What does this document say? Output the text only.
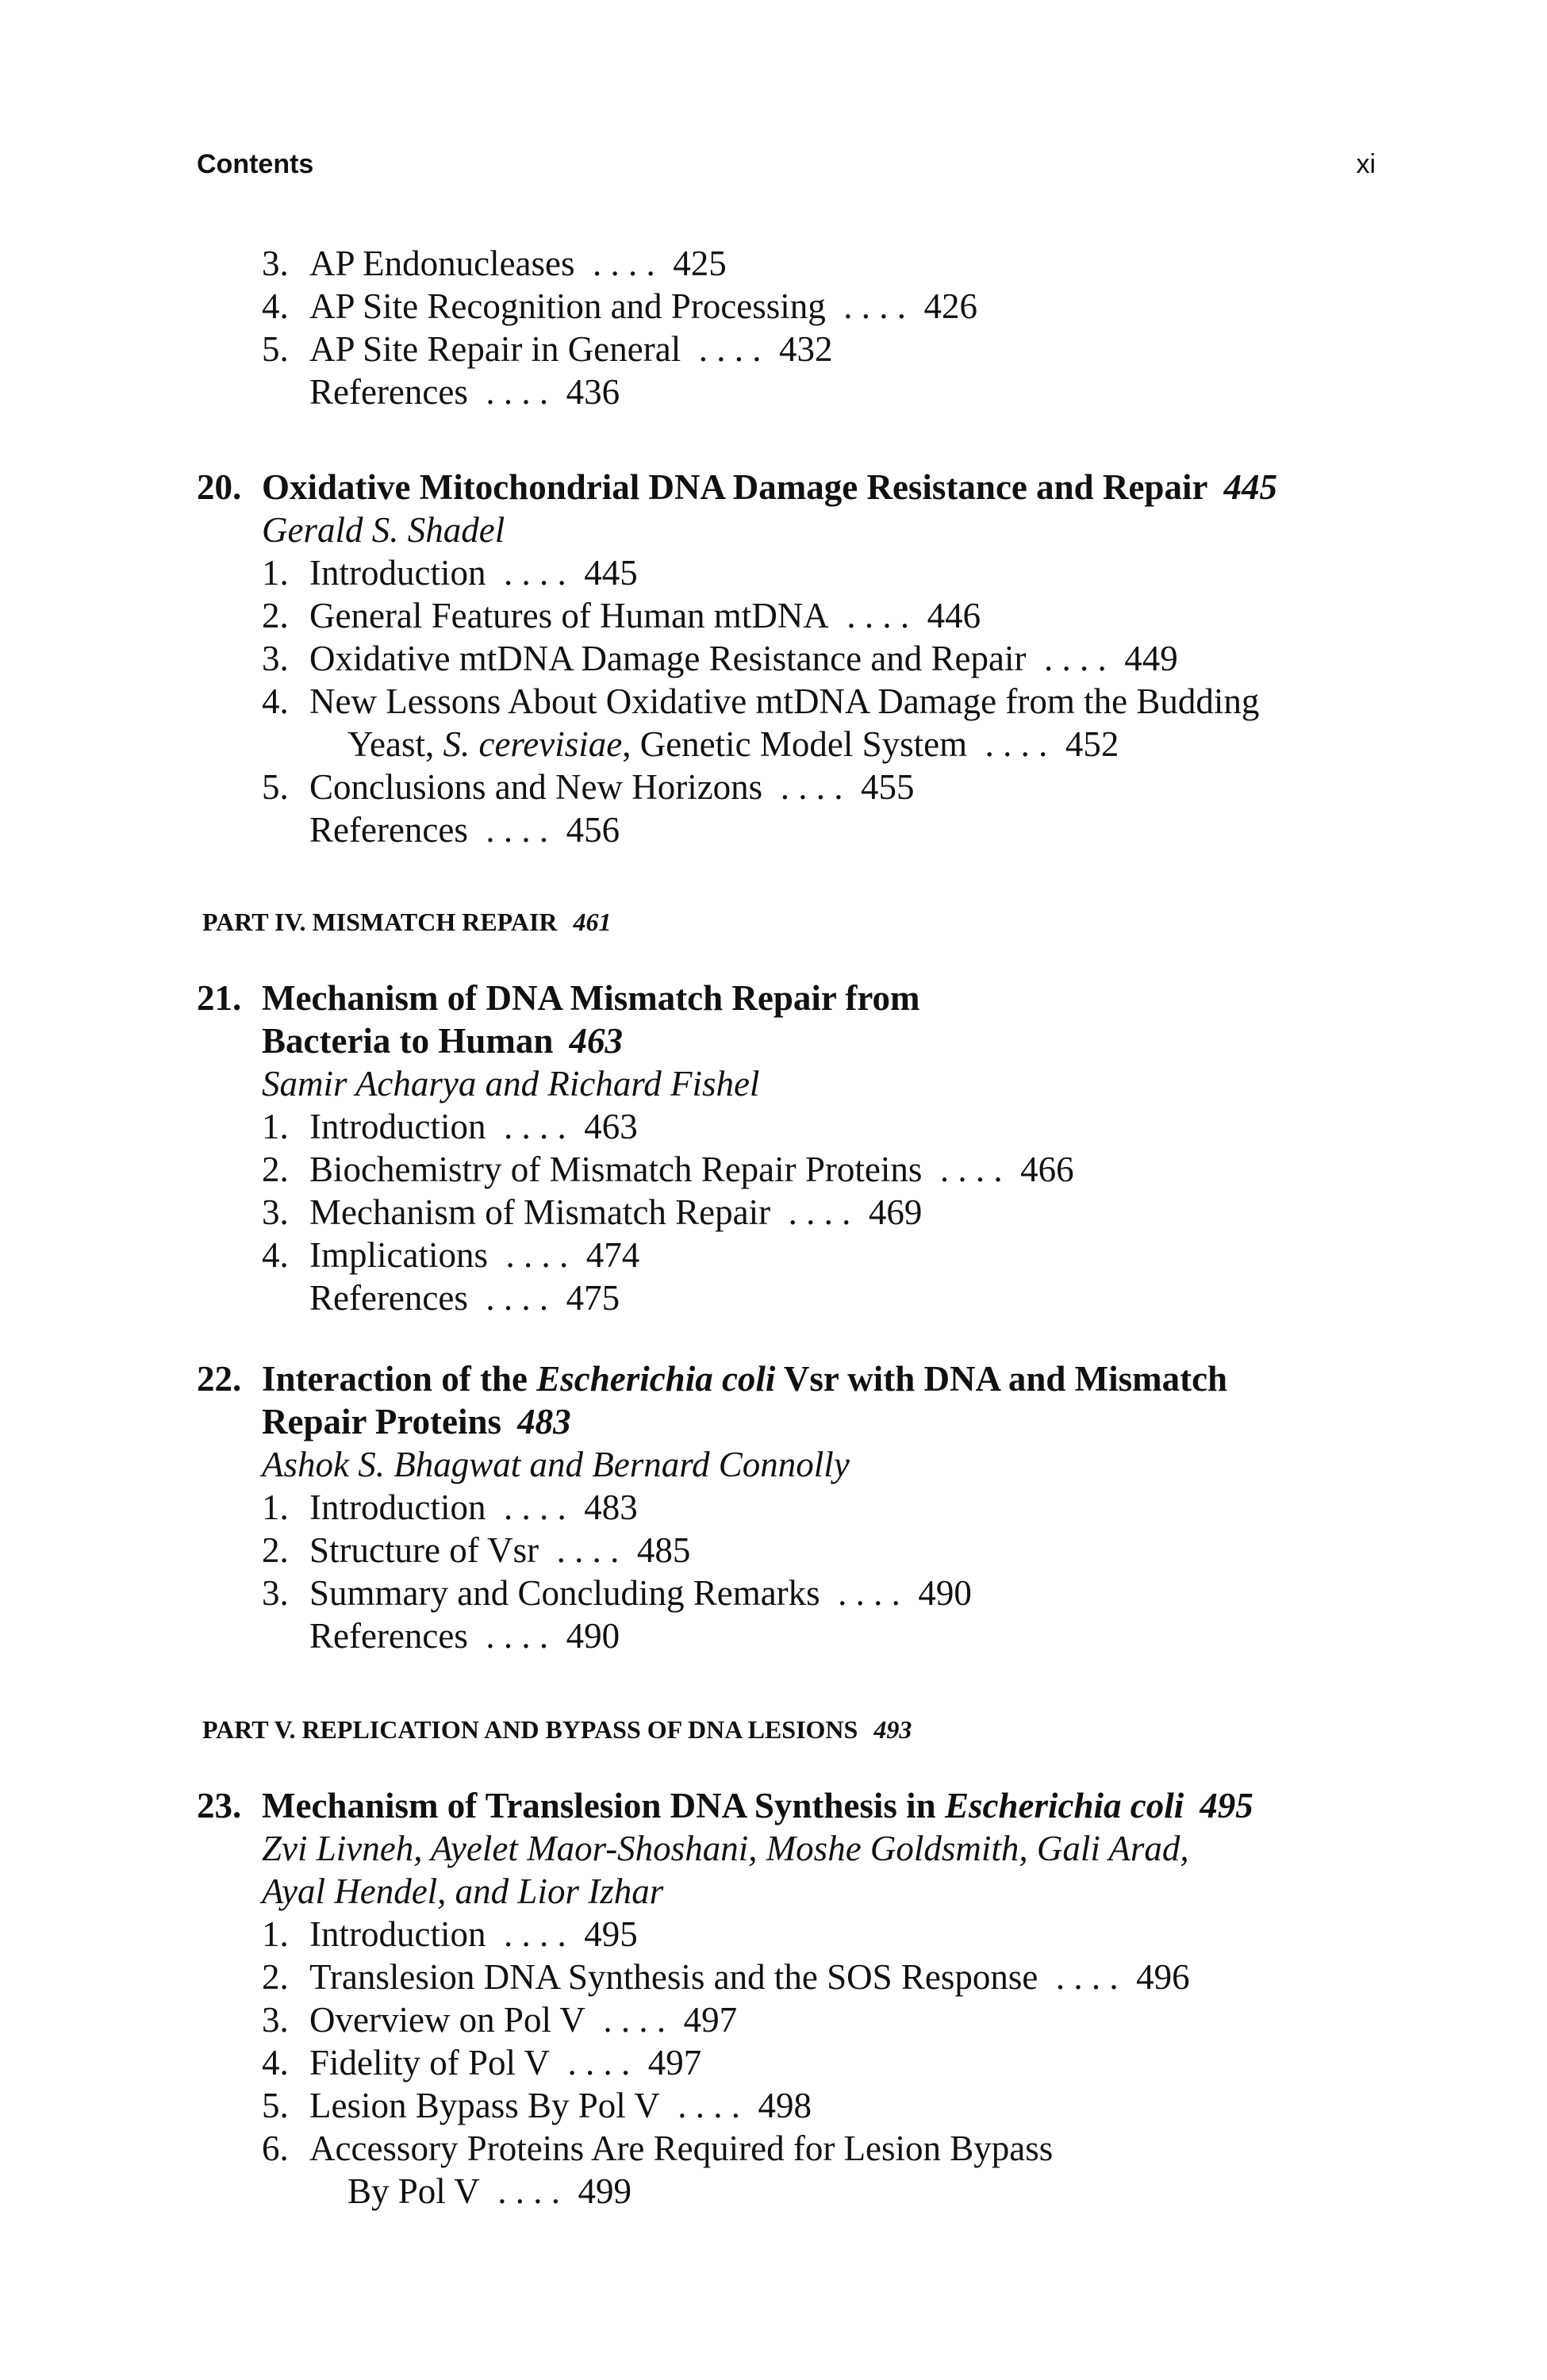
Contents	xi
3. AP Endonucleases . . . . 425
4. AP Site Recognition and Processing . . . . 426
5. AP Site Repair in General . . . . 432
References . . . . 436
20. Oxidative Mitochondrial DNA Damage Resistance and Repair 445
Gerald S. Shadel
1. Introduction . . . . 445
2. General Features of Human mtDNA . . . . 446
3. Oxidative mtDNA Damage Resistance and Repair . . . . 449
4. New Lessons About Oxidative mtDNA Damage from the Budding
Yeast, S. cerevisiae, Genetic Model System . . . . 452
5. Conclusions and New Horizons . . . . 455
References . . . . 456
PART IV. MISMATCH REPAIR 461
21. Mechanism of DNA Mismatch Repair from
Bacteria to Human 463
Samir Acharya and Richard Fishel
1. Introduction . . . . 463
2. Biochemistry of Mismatch Repair Proteins . . . . 466
3. Mechanism of Mismatch Repair . . . . 469
4. Implications . . . . 474
References . . . . 475
22. Interaction of the Escherichia coli Vsr with DNA and Mismatch
Repair Proteins 483
Ashok S. Bhagwat and Bernard Connolly
1. Introduction . . . . 483
2. Structure of Vsr . . . . 485
3. Summary and Concluding Remarks . . . . 490
References . . . . 490
PART V. REPLICATION AND BYPASS OF DNA LESIONS 493
23. Mechanism of Translesion DNA Synthesis in Escherichia coli 495
Zvi Livneh, Ayelet Maor-Shoshani, Moshe Goldsmith, Gali Arad,
Ayal Hendel, and Lior Izhar
1. Introduction . . . . 495
2. Translesion DNA Synthesis and the SOS Response . . . . 496
3. Overview on Pol V . . . . 497
4. Fidelity of Pol V . . . . 497
5. Lesion Bypass By Pol V . . . . 498
6. Accessory Proteins Are Required for Lesion Bypass
By Pol V . . . . 499
